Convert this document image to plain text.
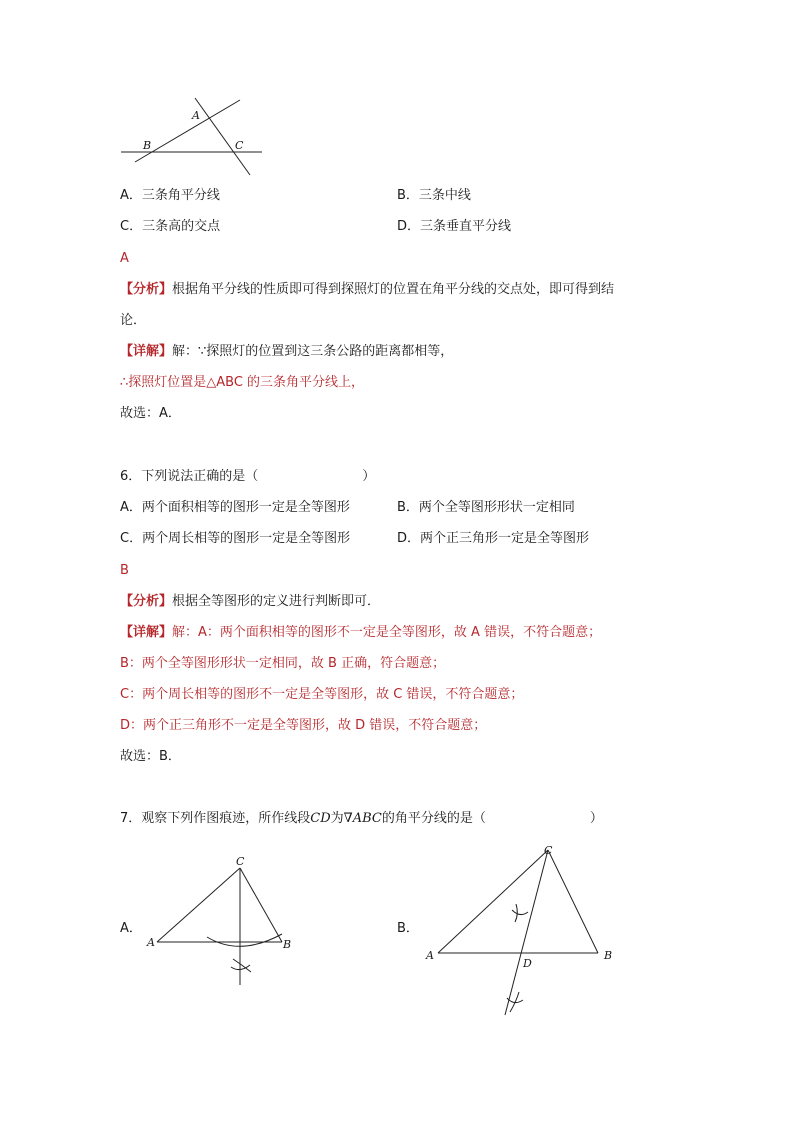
A
B	C
A．三条角平分线	B．三条中线
C．三条高的交点	D．三条垂直平分线
A
【分析】根据角平分线的性质即可得到探照灯的位置在角平分线的交点处，即可得到结
论．
【详解】解：∵探照灯的位置到这三条公路的距离都相等，
∴探照灯位置是△ABC 的三条角平分线上，
故选：A．
6．下列说法正确的是（　　　　　　　　）
A．两个面积相等的图形一定是全等图形	B．两个全等图形形状一定相同
C．两个周长相等的图形一定是全等图形	D．两个正三角形一定是全等图形
B
【分析】根据全等图形的定义进行判断即可．
【详解】解：A：两个面积相等的图形不一定是全等图形，故 A 错误，不符合题意；
B：两个全等图形形状一定相同，故 B 正确，符合题意；
C：两个周长相等的图形不一定是全等图形，故 C 错误，不符合题意；
D：两个正三角形不一定是全等图形，故 D 错误，不符合题意；
故选：B．
7．观察下列作图痕迹，所作线段CD为∇ABC的角平分线的是（　　　　　　　　）
A．	B．
C
A	B
C
A	B
D
